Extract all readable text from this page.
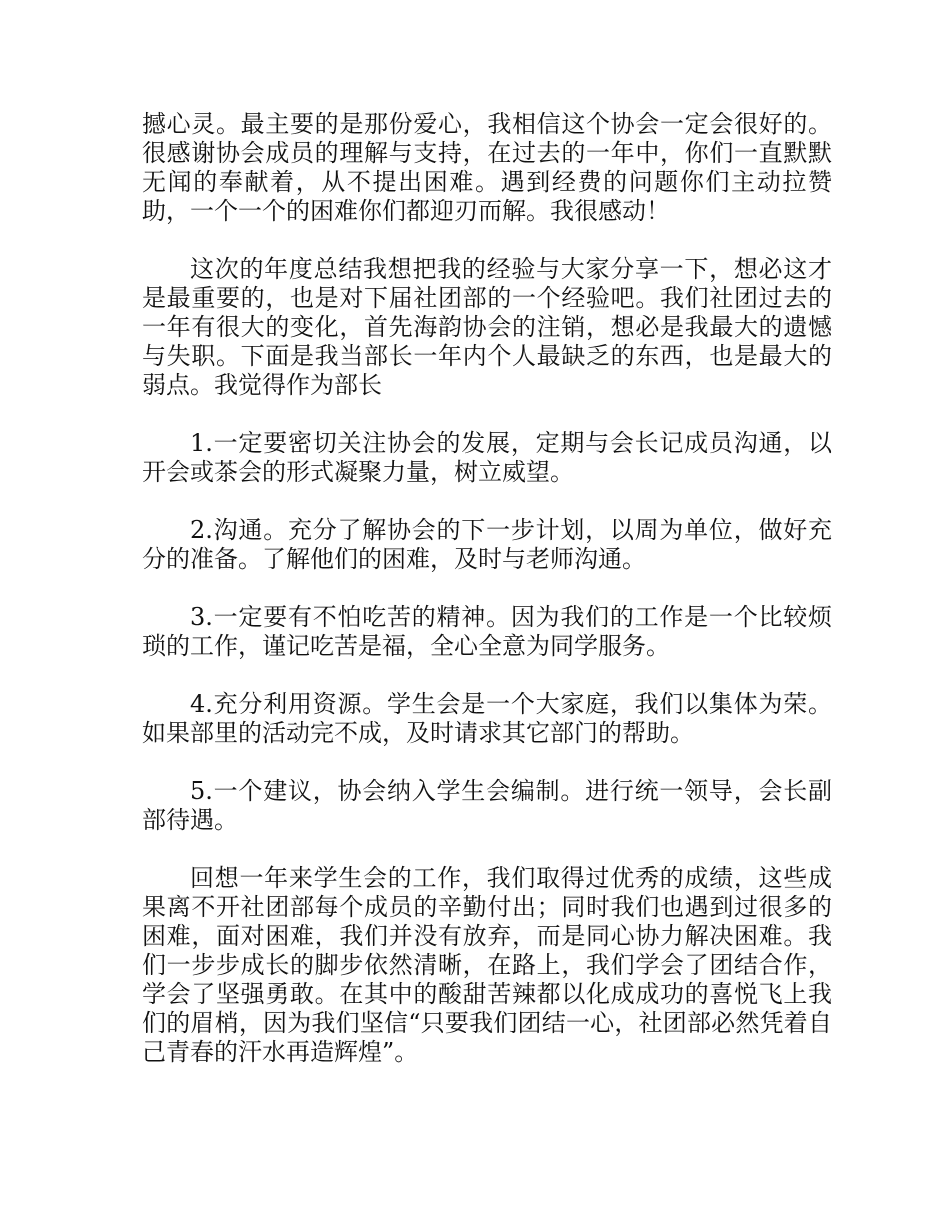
撼心灵。最主要的是那份爱心，我相信这个协会一定会很好的。很感谢协会成员的理解与支持，在过去的一年中，你们一直默默无闻的奉献着，从不提出困难。遇到经费的问题你们主动拉赞助，一个一个的困难你们都迎刃而解。我很感动！

这次的年度总结我想把我的经验与大家分享一下，想必这才是最重要的，也是对下届社团部的一个经验吧。我们社团过去的一年有很大的变化，首先海韵协会的注销，想必是我最大的遗憾与失职。下面是我当部长一年内个人最缺乏的东西，也是最大的弱点。我觉得作为部长

1.一定要密切关注协会的发展，定期与会长记成员沟通，以开会或茶会的形式凝聚力量，树立威望。

2.沟通。充分了解协会的下一步计划，以周为单位，做好充分的准备。了解他们的困难，及时与老师沟通。

3.一定要有不怕吃苦的精神。因为我们的工作是一个比较烦琐的工作，谨记吃苦是福，全心全意为同学服务。

4.充分利用资源。学生会是一个大家庭，我们以集体为荣。如果部里的活动完不成，及时请求其它部门的帮助。

5.一个建议，协会纳入学生会编制。进行统一领导，会长副部待遇。

回想一年来学生会的工作，我们取得过优秀的成绩，这些成果离不开社团部每个成员的辛勤付出；同时我们也遇到过很多的困难，面对困难，我们并没有放弃，而是同心协力解决困难。我们一步步成长的脚步依然清晰，在路上，我们学会了团结合作，学会了坚强勇敢。在其中的酸甜苦辣都以化成成功的喜悦飞上我们的眉梢，因为我们坚信“只要我们团结一心，社团部必然凭着自己青春的汗水再造辉煌”。
